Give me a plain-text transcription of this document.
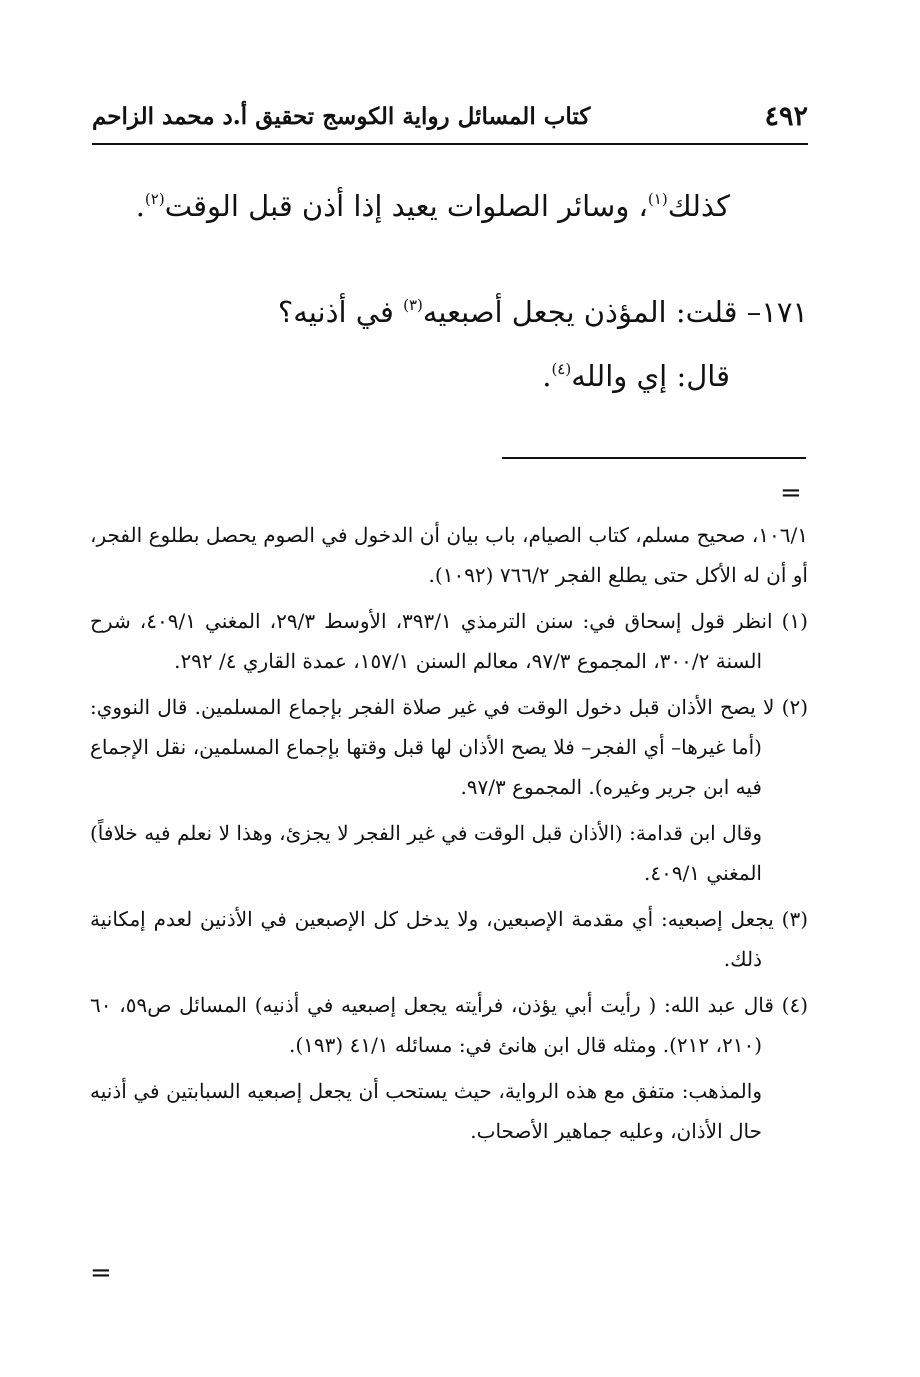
٤٩٢
كتاب المسائل رواية الكوسج تحقيق أ.د محمد الزاحم
كذلك$^{(١)}$، وسائر الصلوات يعيد إذا أذن قبل الوقت$^{(٢)}$.
١٧١– قلت: المؤذن يجعل أصبعيه$^{(٣)}$ في أذنيه؟
قال: إي والله$^{(٤)}$.
=

١٠٦/١، صحيح مسلم، كتاب الصيام، باب بيان أن الدخول في الصوم يحصل بطلوع الفجر، أو أن له الأكل حتى يطلع الفجر ٧٦٦/٢ (١٠٩٢).

(١) انظر قول إسحاق في: سنن الترمذي ٣٩٣/١، الأوسط ٢٩/٣، المغني ٤٠٩/١، شرح السنة ٣٠٠/٢، المجموع ٩٧/٣، معالم السنن ١٥٧/١، عمدة القاري ٤/ ٢٩٢.

(٢) لا يصح الأذان قبل دخول الوقت في غير صلاة الفجر بإجماع المسلمين. قال النووي: (أما غيرها– أي الفجر– فلا يصح الأذان لها قبل وقتها بإجماع المسلمين، نقل الإجماع فيه ابن جرير وغيره). المجموع ٩٧/٣.

وقال ابن قدامة: (الأذان قبل الوقت في غير الفجر لا يجزئ، وهذا لا نعلم فيه خلافاً) المغني ٤٠٩/١.

(٣) يجعل إصبعيه: أي مقدمة الإصبعين، ولا يدخل كل الإصبعين في الأذنين لعدم إمكانية ذلك.

(٤) قال عبد الله: ( رأيت أبي يؤذن، فرأيته يجعل إصبعيه في أذنيه) المسائل ص٥٩، ٦٠ (٢١٠، ٢١٢). ومثله قال ابن هانئ في: مسائله ٤١/١ (١٩٣).

والمذهب: متفق مع هذه الرواية، حيث يستحب أن يجعل إصبعيه السبابتين في أذنيه حال الأذان، وعليه جماهير الأصحاب.

=
